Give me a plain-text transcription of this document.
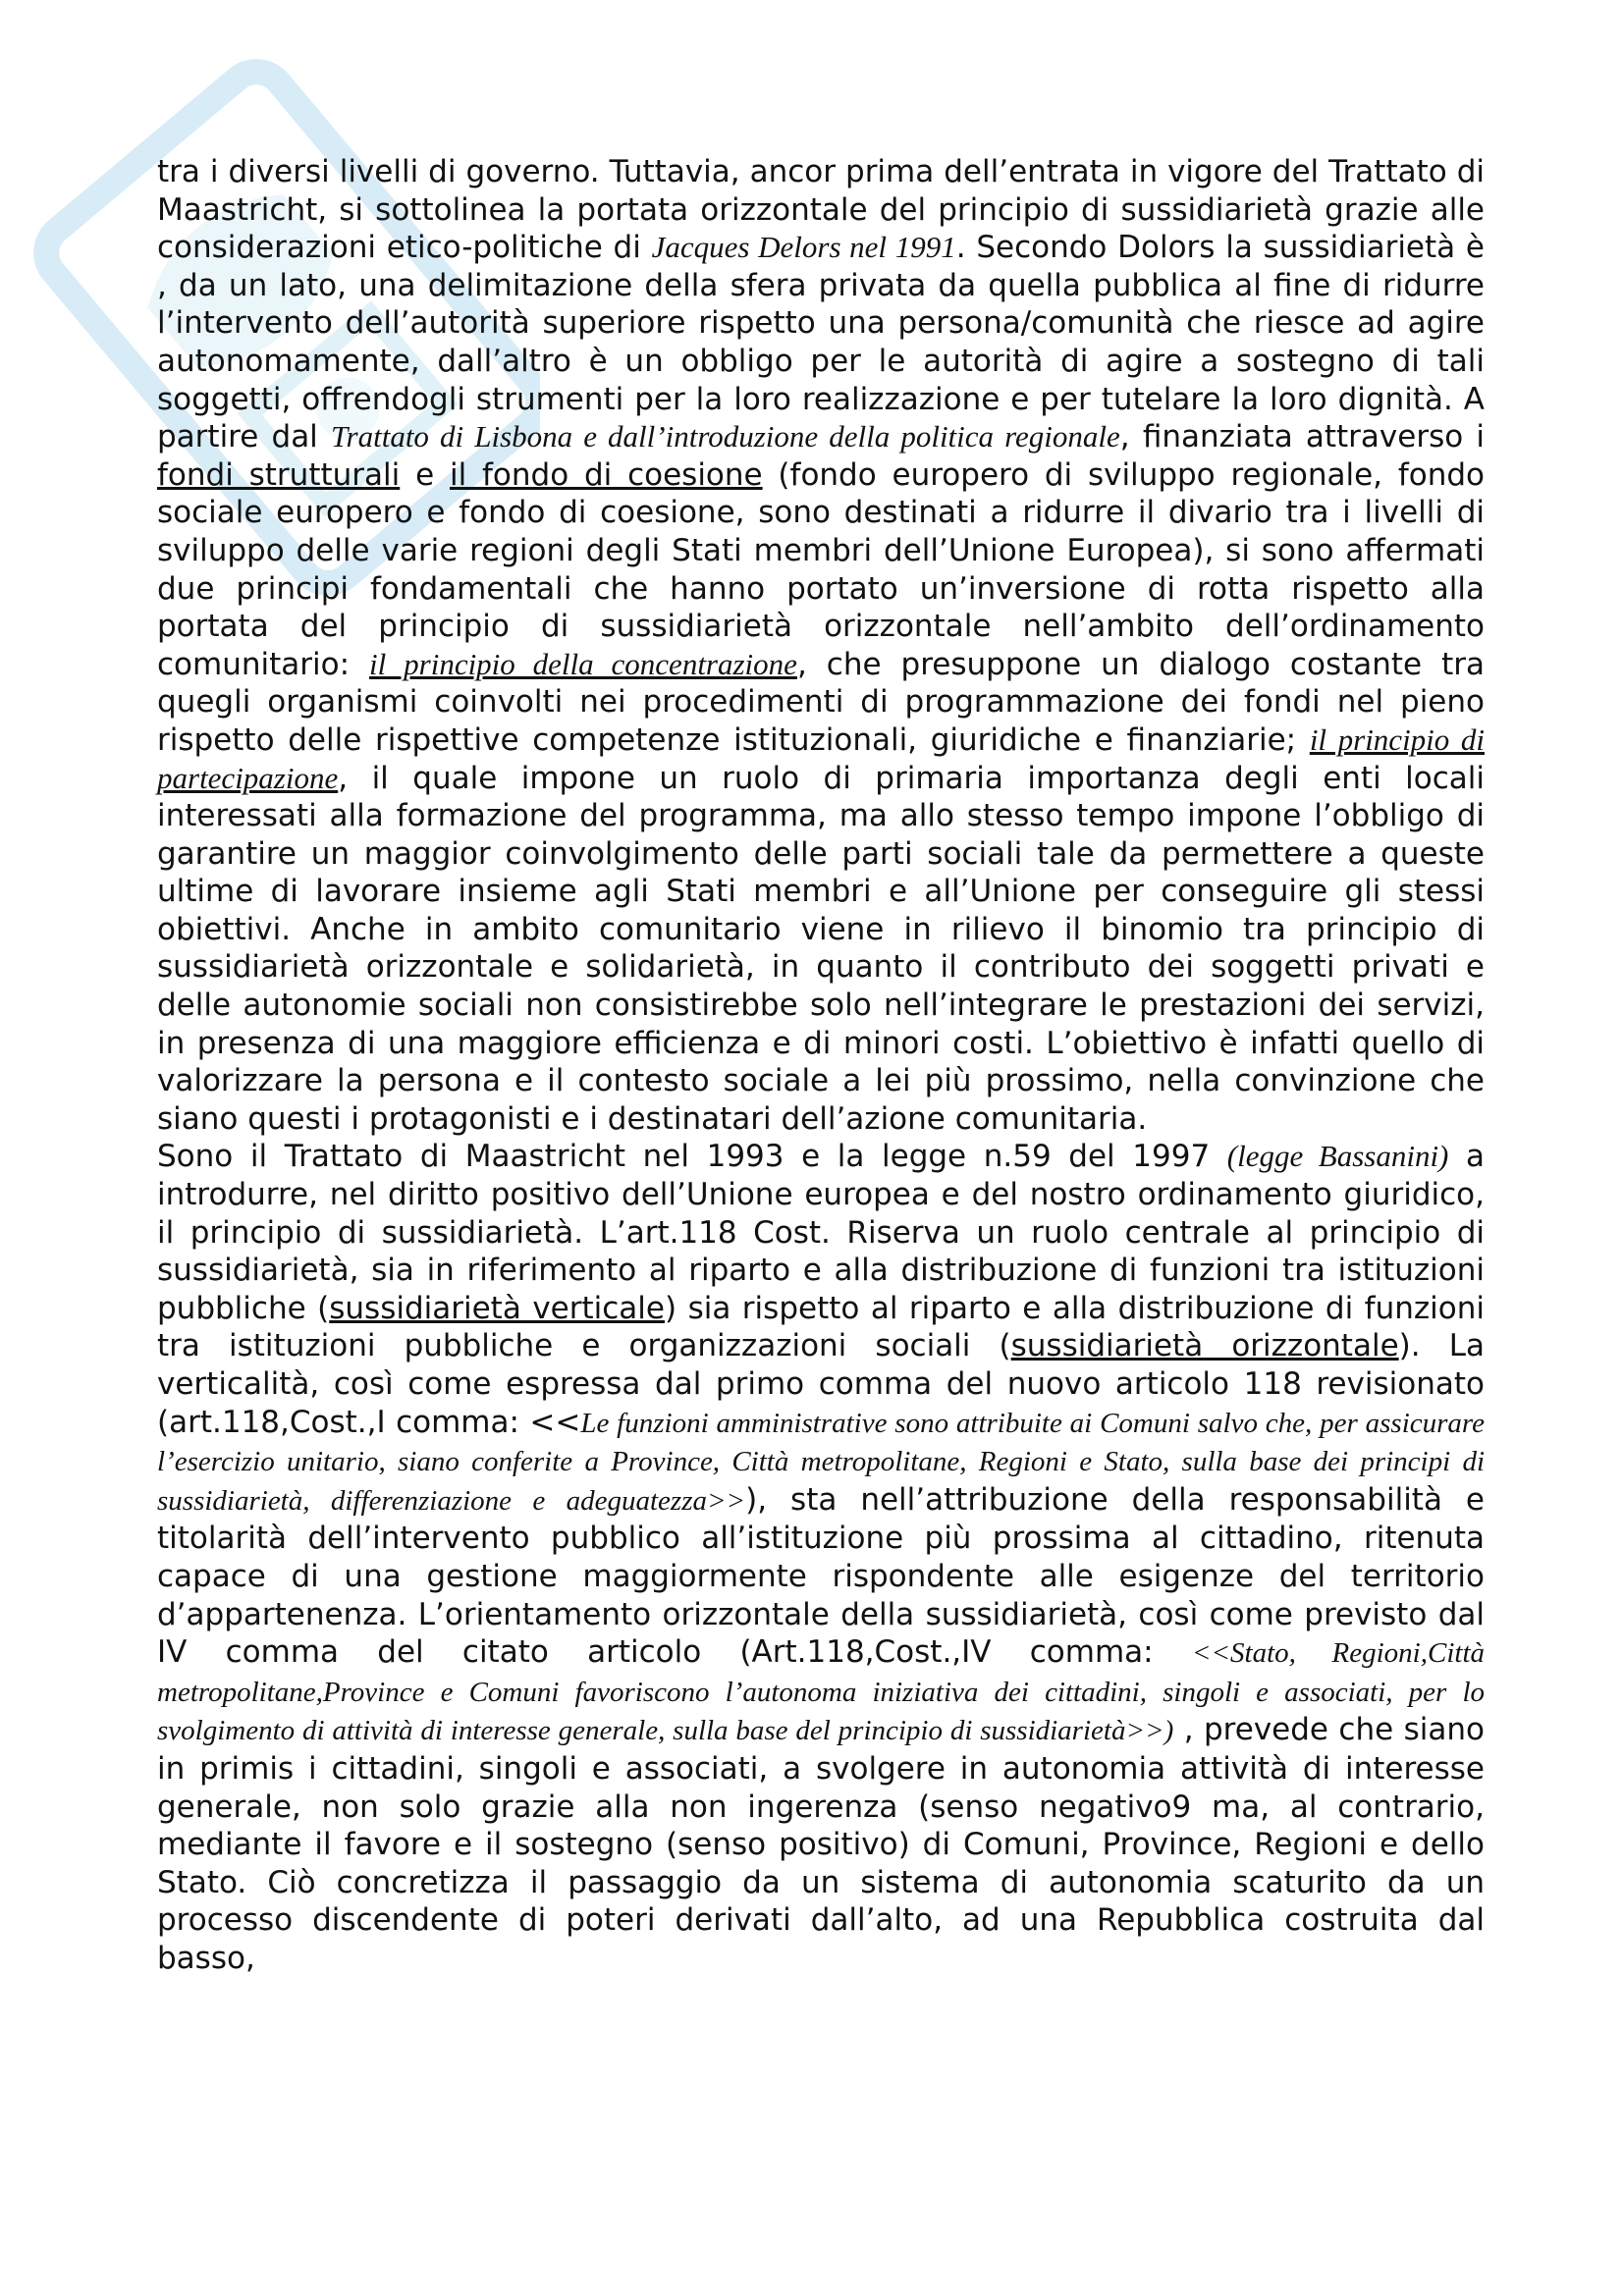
tra i diversi livelli di governo. Tuttavia, ancor prima dell’entrata in vigore del Trattato di Maastricht, si sottolinea la portata orizzontale del principio di sussidiarietà grazie alle considerazioni etico-politiche di Jacques Delors nel 1991. Secondo Dolors la sussidiarietà è , da un lato, una delimitazione della sfera privata da quella pubblica al fine di ridurre l’intervento dell’autorità superiore rispetto una persona/comunità che riesce ad agire autonomamente, dall’altro è un obbligo per le autorità di agire a sostegno di tali soggetti, offrendogli strumenti per la loro realizzazione e per tutelare la loro dignità. A partire dal Trattato di Lisbona e dall’introduzione della politica regionale, finanziata attraverso i fondi strutturali e il fondo di coesione (fondo europero di sviluppo regionale, fondo sociale europero e fondo di coesione, sono destinati a ridurre il divario tra i livelli di sviluppo delle varie regioni degli Stati membri dell’Unione Europea), si sono affermati due principi fondamentali che hanno portato un’inversione di rotta rispetto alla portata del principio di sussidiarietà orizzontale nell’ambito dell’ordinamento comunitario: il principio della concentrazione, che presuppone un dialogo costante tra quegli organismi coinvolti nei procedimenti di programmazione dei fondi nel pieno rispetto delle rispettive competenze istituzionali, giuridiche e finanziarie; il principio di partecipazione, il quale impone un ruolo di primaria importanza degli enti locali interessati alla formazione del programma, ma allo stesso tempo impone l’obbligo di garantire un maggior coinvolgimento delle parti sociali tale da permettere a queste ultime di lavorare insieme agli Stati membri e all’Unione per conseguire gli stessi obiettivi. Anche in ambito comunitario viene in rilievo il binomio tra principio di sussidiarietà orizzontale e solidarietà, in quanto il contributo dei soggetti privati e delle autonomie sociali non consistirebbe solo nell’integrare le prestazioni dei servizi, in presenza di una maggiore efficienza e di minori costi. L’obiettivo è infatti quello di valorizzare la persona e il contesto sociale a lei più prossimo, nella convinzione che siano questi i protagonisti e i destinatari dell’azione comunitaria.

Sono il Trattato di Maastricht nel 1993 e la legge n.59 del 1997 (legge Bassanini) a introdurre, nel diritto positivo dell’Unione europea e del nostro ordinamento giuridico, il principio di sussidiarietà. L’art.118 Cost. Riserva un ruolo centrale al principio di sussidiarietà, sia in riferimento al riparto e alla distribuzione di funzioni tra istituzioni pubbliche (sussidiarietà verticale) sia rispetto al riparto e alla distribuzione di funzioni tra istituzioni pubbliche e organizzazioni sociali (sussidiarietà orizzontale). La verticalità, così come espressa dal primo comma del nuovo articolo 118 revisionato (art.118,Cost.,I comma: <<Le funzioni amministrative sono attribuite ai Comuni salvo che, per assicurare l’esercizio unitario, siano conferite a Province, Città metropolitane, Regioni e Stato, sulla base dei principi di sussidiarietà, differenziazione e adeguatezza>>), sta nell’attribuzione della responsabilità e titolarità dell’intervento pubblico all’istituzione più prossima al cittadino, ritenuta capace di una gestione maggiormente rispondente alle esigenze del territorio d’appartenenza. L’orientamento orizzontale della sussidiarietà, così come previsto dal IV comma del citato articolo (Art.118,Cost.,IV comma: <<Stato, Regioni,Città metropolitane,Province e Comuni favoriscono l’autonoma iniziativa dei cittadini, singoli e associati, per lo svolgimento di attività di interesse generale, sulla base del principio di sussidiarietà>>) , prevede che siano in primis i cittadini, singoli e associati, a svolgere in autonomia attività di interesse generale, non solo grazie alla non ingerenza (senso negativo9 ma, al contrario, mediante il favore e il sostegno (senso positivo) di Comuni, Province, Regioni e dello Stato. Ciò concretizza il passaggio da un sistema di autonomia scaturito da un processo discendente di poteri derivati dall’alto, ad una Repubblica costruita dal basso,
